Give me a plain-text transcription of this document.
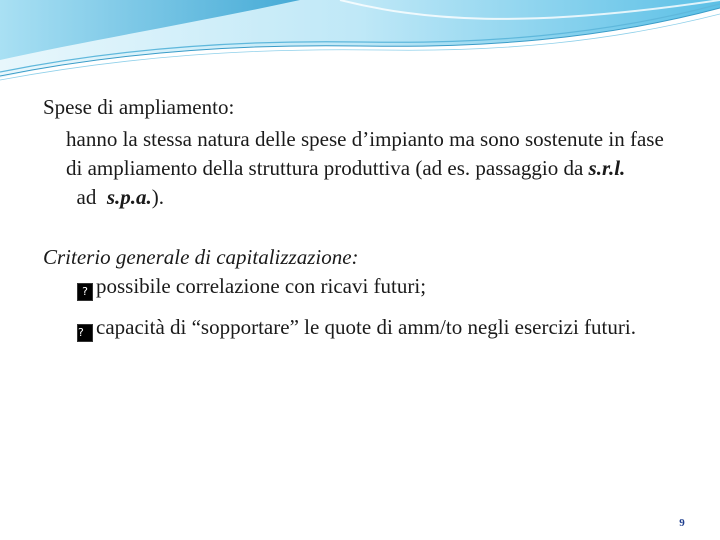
Spese di ampliamento:

hanno la stessa natura delle spese d’impianto ma sono sostenute in fase di ampliamento della struttura produttiva (ad es. passaggio da s.r.l.  ad  s.p.a.).

Criterio generale di capitalizzazione:

? possibile correlazione con ricavi futuri;

? capacità di “sopportare” le quote di amm/to negli esercizi futuri.

9
